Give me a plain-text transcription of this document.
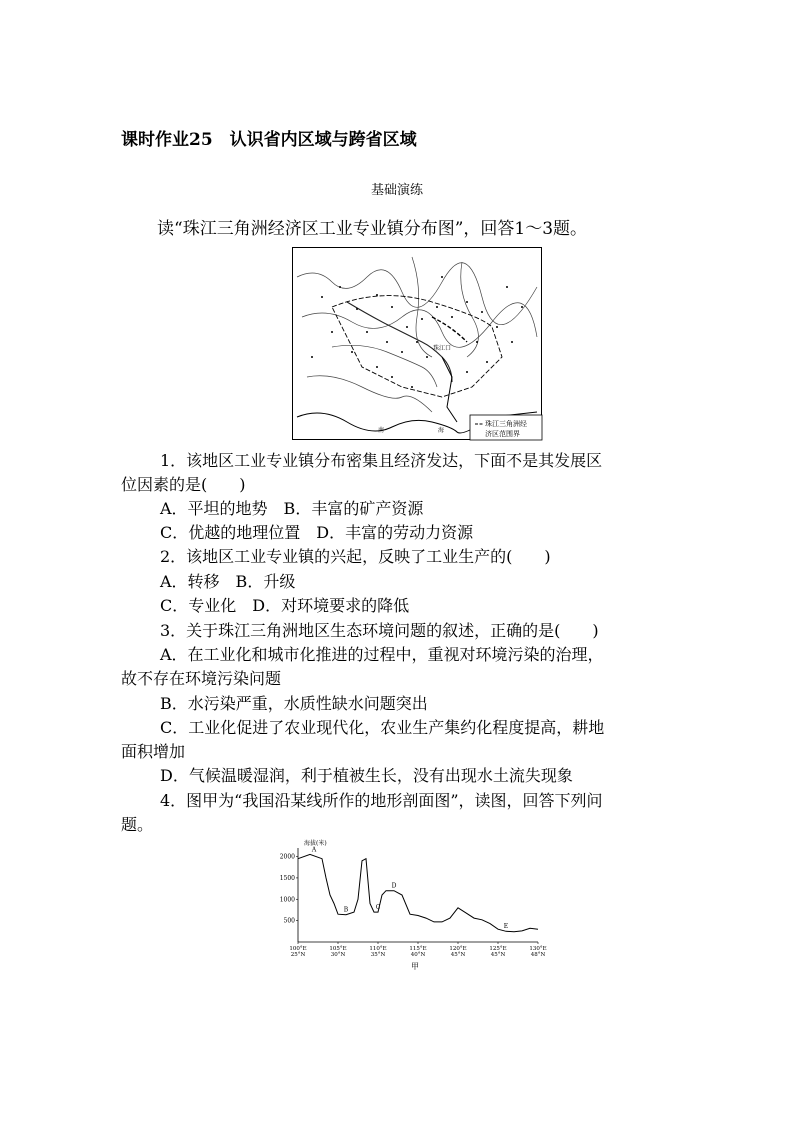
课时作业25　认识省内区域与跨省区域
基础演练
读“珠江三角洲经济区工业专业镇分布图”，回答1～3题。
珠江口
南	海
珠江三角洲经
济区范围界
1．该地区工业专业镇分布密集且经济发达，下面不是其发展区
位因素的是(　　)
A．平坦的地势　B．丰富的矿产资源
C．优越的地理位置　D．丰富的劳动力资源
2．该地区工业专业镇的兴起，反映了工业生产的(　　)
A．转移　B．升级
C．专业化　D．对环境要求的降低
3．关于珠江三角洲地区生态环境问题的叙述，正确的是(　　)
A．在工业化和城市化推进的过程中，重视对环境污染的治理，
故不存在环境污染问题
B．水污染严重，水质性缺水问题突出
C．工业化促进了农业现代化，农业生产集约化程度提高，耕地
面积增加
D．气候温暖湿润，利于植被生长，没有出现水土流失现象
4．图甲为“我国沿某线所作的地形剖面图”，读图，回答下列问
题。
海拔(米)
2000
1500
1000
500
100°E
25°N
105°E
30°N
110°E
35°N
115°E
40°N
120°E
45°N
125°E
45°N
130°E
48°N
A
B	C
D
E
甲
